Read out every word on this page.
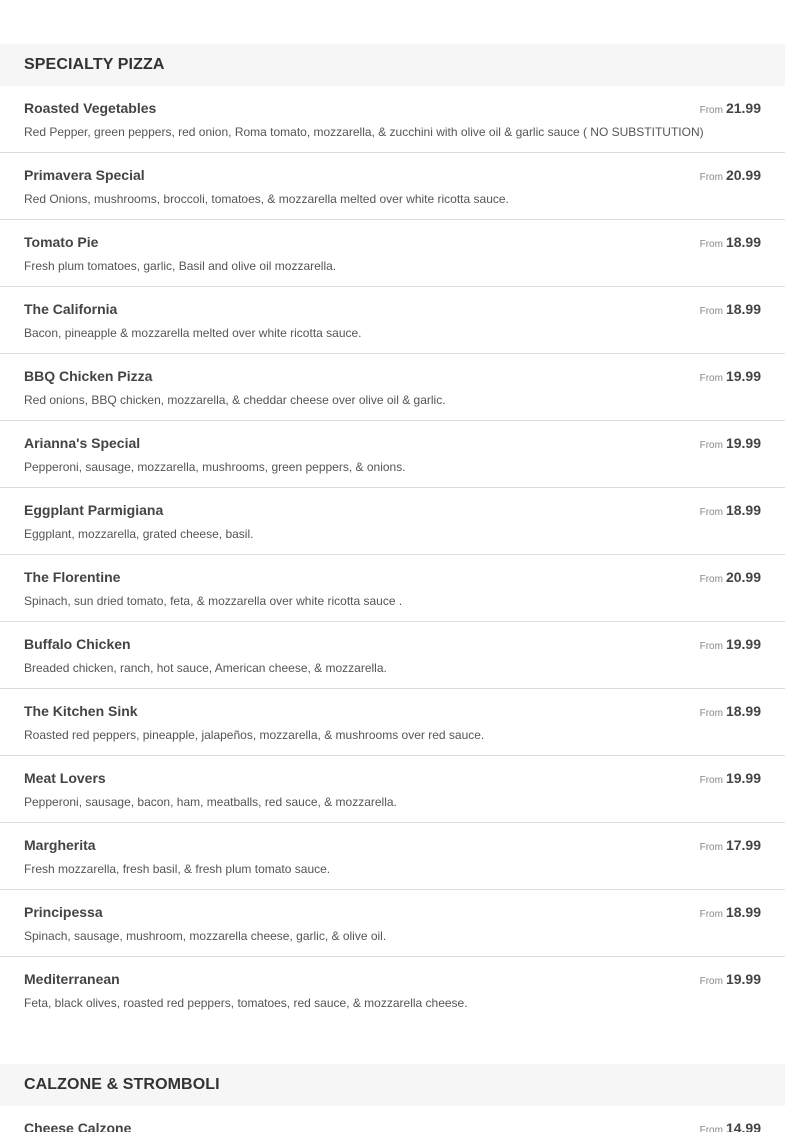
SPECIALTY PIZZA
Roasted Vegetables	From 21.99
Red Pepper, green peppers, red onion, Roma tomato, mozzarella, & zucchini with olive oil & garlic sauce ( NO SUBSTITUTION)
Primavera Special	From 20.99
Red Onions, mushrooms, broccoli, tomatoes, & mozzarella melted over white ricotta sauce.
Tomato Pie	From 18.99
Fresh plum tomatoes, garlic, Basil and olive oil mozzarella.
The California	From 18.99
Bacon, pineapple & mozzarella melted over white ricotta sauce.
BBQ Chicken Pizza	From 19.99
Red onions, BBQ chicken, mozzarella, & cheddar cheese over olive oil & garlic.
Arianna's Special	From 19.99
Pepperoni, sausage, mozzarella, mushrooms, green peppers, & onions.
Eggplant Parmigiana	From 18.99
Eggplant, mozzarella, grated cheese, basil.
The Florentine	From 20.99
Spinach, sun dried tomato, feta, & mozzarella over white ricotta sauce .
Buffalo Chicken	From 19.99
Breaded chicken, ranch, hot sauce, American cheese, & mozzarella.
The Kitchen Sink	From 18.99
Roasted red peppers, pineapple, jalapeños, mozzarella, & mushrooms over red sauce.
Meat Lovers	From 19.99
Pepperoni, sausage, bacon, ham, meatballs, red sauce, & mozzarella.
Margherita	From 17.99
Fresh mozzarella, fresh basil, & fresh plum tomato sauce.
Principessa	From 18.99
Spinach, sausage, mushroom, mozzarella cheese, garlic, & olive oil.
Mediterranean	From 19.99
Feta, black olives, roasted red peppers, tomatoes, red sauce, & mozzarella cheese.
CALZONE & STROMBOLI
Cheese Calzone	From 14.99
